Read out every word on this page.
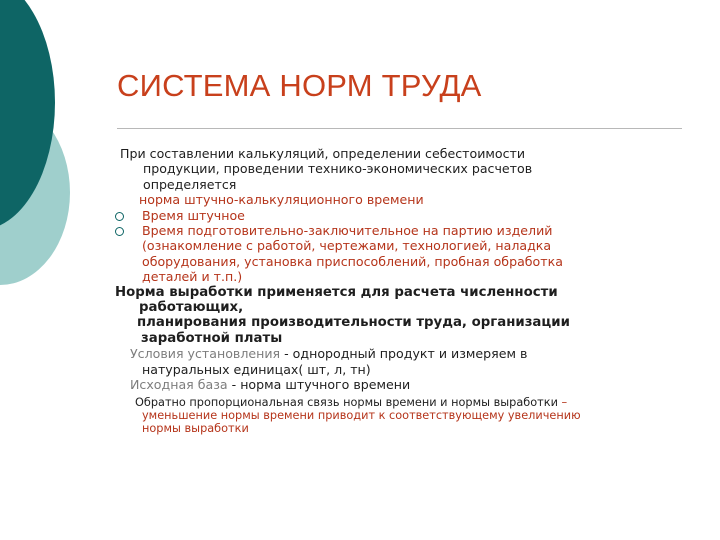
СИСТЕМА НОРМ ТРУДА

При составлении калькуляций, определении себестоимости

продукции, проведении технико-экономических расчетов

определяется

норма штучно-калькуляционного времени

Время штучное

Время подготовительно-заключительное на партию изделий

(ознакомление с работой, чертежами, технологией, наладка

оборудования, установка приспособлений, пробная обработка

деталей и т.п.)

Норма выработки применяется для расчета численности

работающих,

планирования производительности труда, организации

заработной платы

Условия установления - однородный продукт и измеряем в

натуральных единицах( шт, л, тн)

Исходная база - норма штучного времени

Обратно пропорциональная связь нормы времени и нормы выработки –

уменьшение нормы времени приводит к соответствующему увеличению

нормы выработки
